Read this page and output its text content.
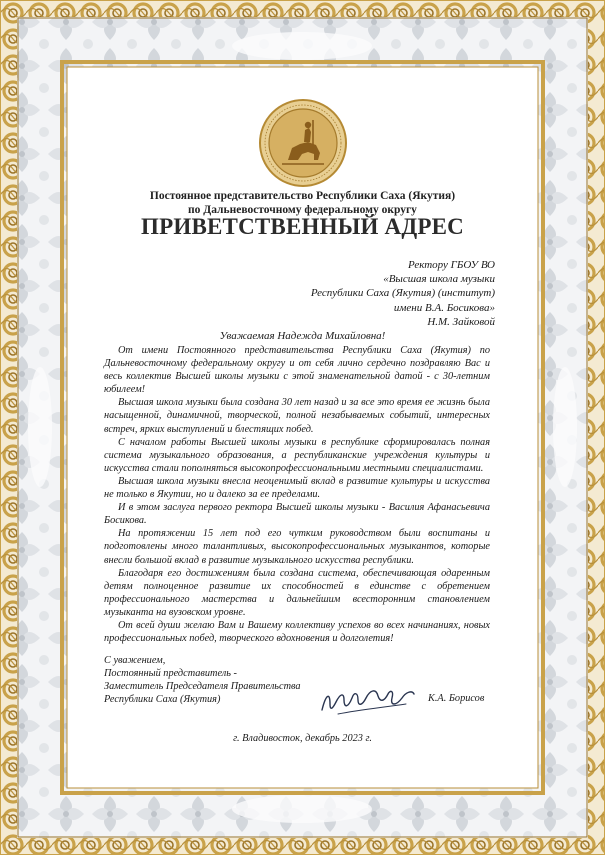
Постоянное представительство Республики Саха (Якутия)
по Дальневосточному федеральному округу
ПРИВЕТСТВЕННЫЙ АДРЕС
Ректору ГБОУ ВО
«Высшая школа музыки
Республики Саха (Якутия) (институт)
имени В.А. Босикова»
Н.М. Зайковой
Уважаемая Надежда Михайловна!

От имени Постоянного представительства Республики Саха (Якутия) по Дальневосточному федеральному округу и от себя лично сердечно поздравляю Вас и весь коллектив Высшей школы музыки с этой знаменательной датой - с 30-летним юбилеем!

Высшая школа музыки была создана 30 лет назад и за все это время ее жизнь была насыщенной, динамичной, творческой, полной незабываемых событий, интересных встреч, ярких выступлений и блестящих побед.

С началом работы Высшей школы музыки в республике сформировалась полная система музыкального образования, а республиканские учреждения культуры и искусства стали пополняться высокопрофессиональными местными специалистами.

Высшая школа музыки внесла неоценимый вклад в развитие культуры и искусства не только в Якутии, но и далеко за ее пределами.

И в этом заслуга первого ректора Высшей школы музыки - Василия Афанасьевича Босикова.

На протяжении 15 лет под его чутким руководством были воспитаны и подготовлены много талантливых, высокопрофессиональных музыкантов, которые внесли большой вклад в развитие музыкального искусства республики.

Благодаря его достижениям была создана система, обеспечивающая одаренным детям полноценное развитие их способностей в единстве с обретением профессионального мастерства и дальнейшим всесторонним становлением музыканта на вузовском уровне.

От всей души желаю Вам и Вашему коллективу успехов во всех начинаниях, новых профессиональных побед, творческого вдохновения и долголетия!

С уважением,
Постоянный представитель -
Заместитель Председателя Правительства
Республики Саха (Якутия)	К.А. Борисов
г. Владивосток, декабрь 2023 г.
